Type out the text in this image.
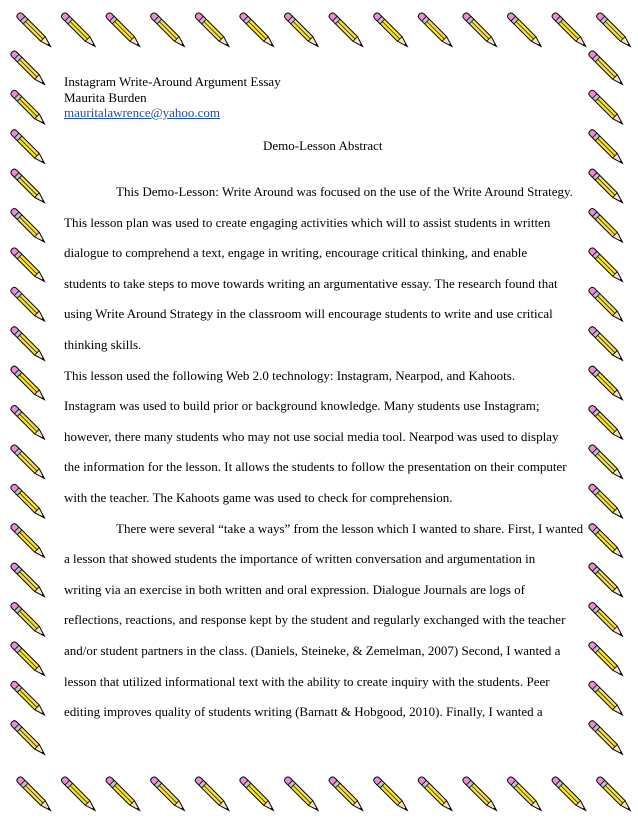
Instagram Write-Around Argument Essay
Maurita Burden
mauritalawrence@yahoo.com
Demo-Lesson Abstract
This Demo-Lesson: Write Around was focused on the use of the Write Around Strategy.
This lesson plan was used to create engaging activities which will to assist students in written
dialogue to comprehend a text, engage in writing, encourage critical thinking, and enable
students to take steps to move towards writing an argumentative essay. The research found that
using Write Around Strategy in the classroom will encourage students to write and use critical
thinking skills.
This lesson used the following Web 2.0 technology: Instagram, Nearpod, and Kahoots.
Instagram was used to build prior or background knowledge. Many students use Instagram;
however, there many students who may not use social media tool. Nearpod was used to display
the information for the lesson. It allows the students to follow the presentation on their computer
with the teacher. The Kahoots game was used to check for comprehension.
There were several “take a ways” from the lesson which I wanted to share. First, I wanted
a lesson that showed students the importance of written conversation and argumentation in
writing via an exercise in both written and oral expression. Dialogue Journals are logs of
reflections, reactions, and response kept by the student and regularly exchanged with the teacher
and/or student partners in the class. (Daniels, Steineke, & Zemelman, 2007) Second, I wanted a
lesson that utilized informational text with the ability to create inquiry with the students. Peer
editing improves quality of students writing (Barnatt & Hobgood, 2010). Finally, I wanted a
